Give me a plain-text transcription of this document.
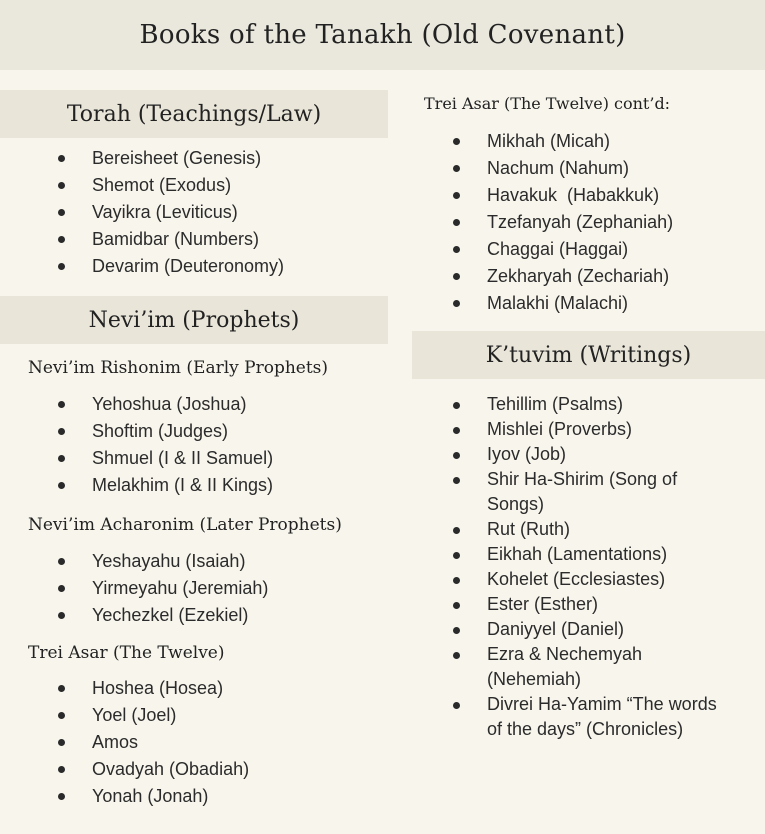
Books of the Tanakh (Old Covenant)
Torah (Teachings/Law)
Bereisheet (Genesis)
Shemot (Exodus)
Vayikra (Leviticus)
Bamidbar (Numbers)
Devarim (Deuteronomy)
Nevi’im (Prophets)
Nevi’im Rishonim (Early Prophets)
Yehoshua (Joshua)
Shoftim (Judges)
Shmuel (I & II Samuel)
Melakhim (I & II Kings)
Nevi’im Acharonim (Later Prophets)
Yeshayahu (Isaiah)
Yirmeyahu (Jeremiah)
Yechezkel (Ezekiel)
Trei Asar (The Twelve)
Hoshea (Hosea)
Yoel (Joel)
Amos
Ovadyah (Obadiah)
Yonah (Jonah)
Trei Asar (The Twelve) cont’d:
Mikhah (Micah)
Nachum (Nahum)
Havakuk  (Habakkuk)
Tzefanyah (Zephaniah)
Chaggai (Haggai)
Zekharyah (Zechariah)
Malakhi (Malachi)
K’tuvim (Writings)
Tehillim (Psalms)
Mishlei (Proverbs)
Iyov (Job)
Shir Ha-Shirim (Song of Songs)
Rut (Ruth)
Eikhah (Lamentations)
Kohelet (Ecclesiastes)
Ester (Esther)
Daniyyel (Daniel)
Ezra & Nechemyah (Nehemiah)
Divrei Ha-Yamim “The words of the days” (Chronicles)
